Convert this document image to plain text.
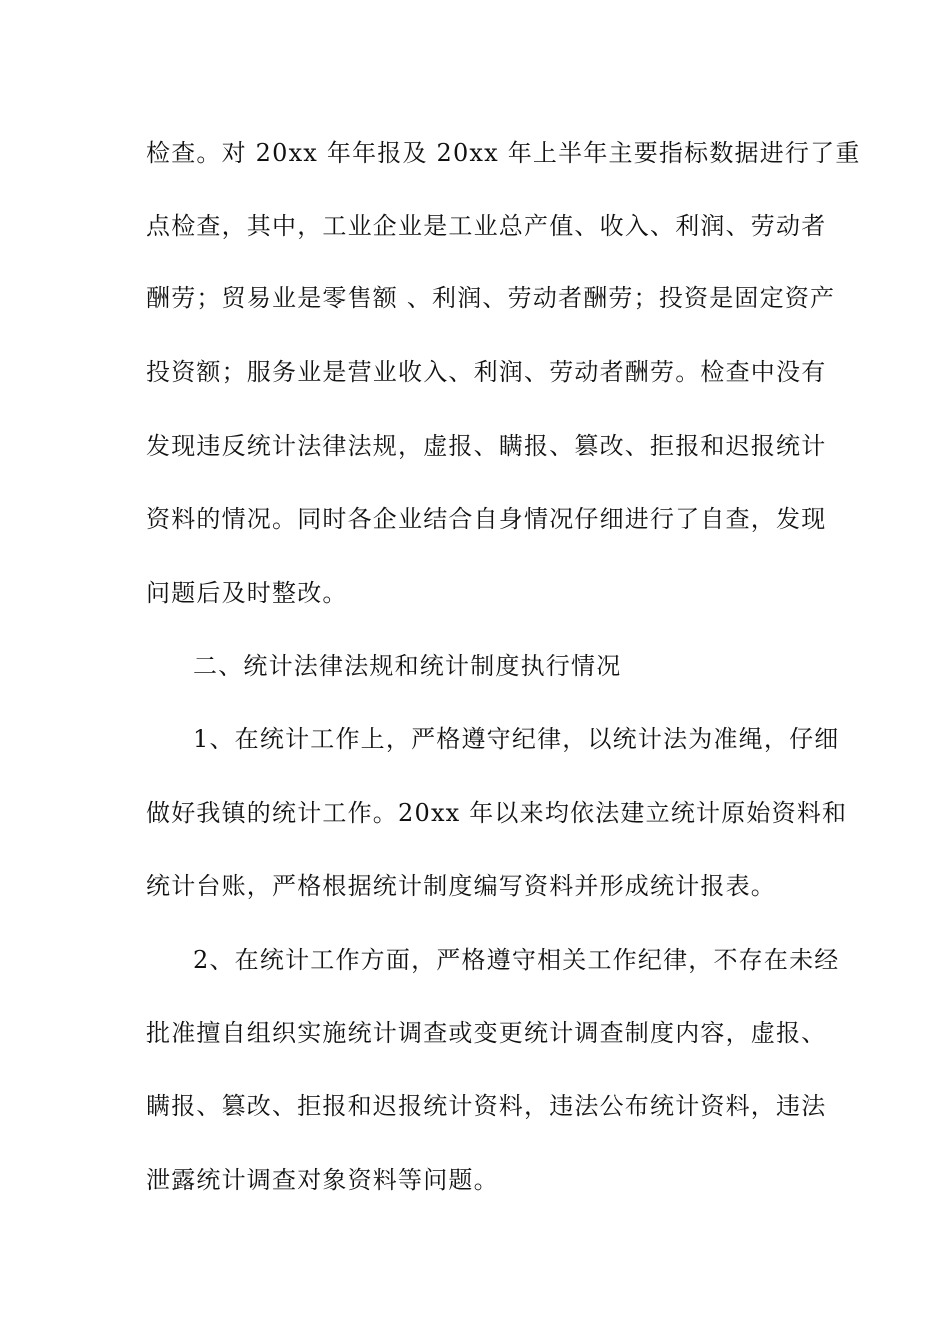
检查。对 20xx 年年报及 20xx 年上半年主要指标数据进行了重
点检查，其中，工业企业是工业总产值、收入、利润、劳动者
酬劳；贸易业是零售额 、利润、劳动者酬劳；投资是固定资产
投资额；服务业是营业收入、利润、劳动者酬劳。检查中没有
发现违反统计法律法规，虚报、瞒报、篡改、拒报和迟报统计
资料的情况。同时各企业结合自身情况仔细进行了自查，发现
问题后及时整改。
二、统计法律法规和统计制度执行情况
1、在统计工作上，严格遵守纪律，以统计法为准绳，仔细
做好我镇的统计工作。20xx 年以来均依法建立统计原始资料和
统计台账，严格根据统计制度编写资料并形成统计报表。
2、在统计工作方面，严格遵守相关工作纪律，不存在未经
批准擅自组织实施统计调查或变更统计调查制度内容，虚报、
瞒报、篡改、拒报和迟报统计资料，违法公布统计资料，违法
泄露统计调查对象资料等问题。
